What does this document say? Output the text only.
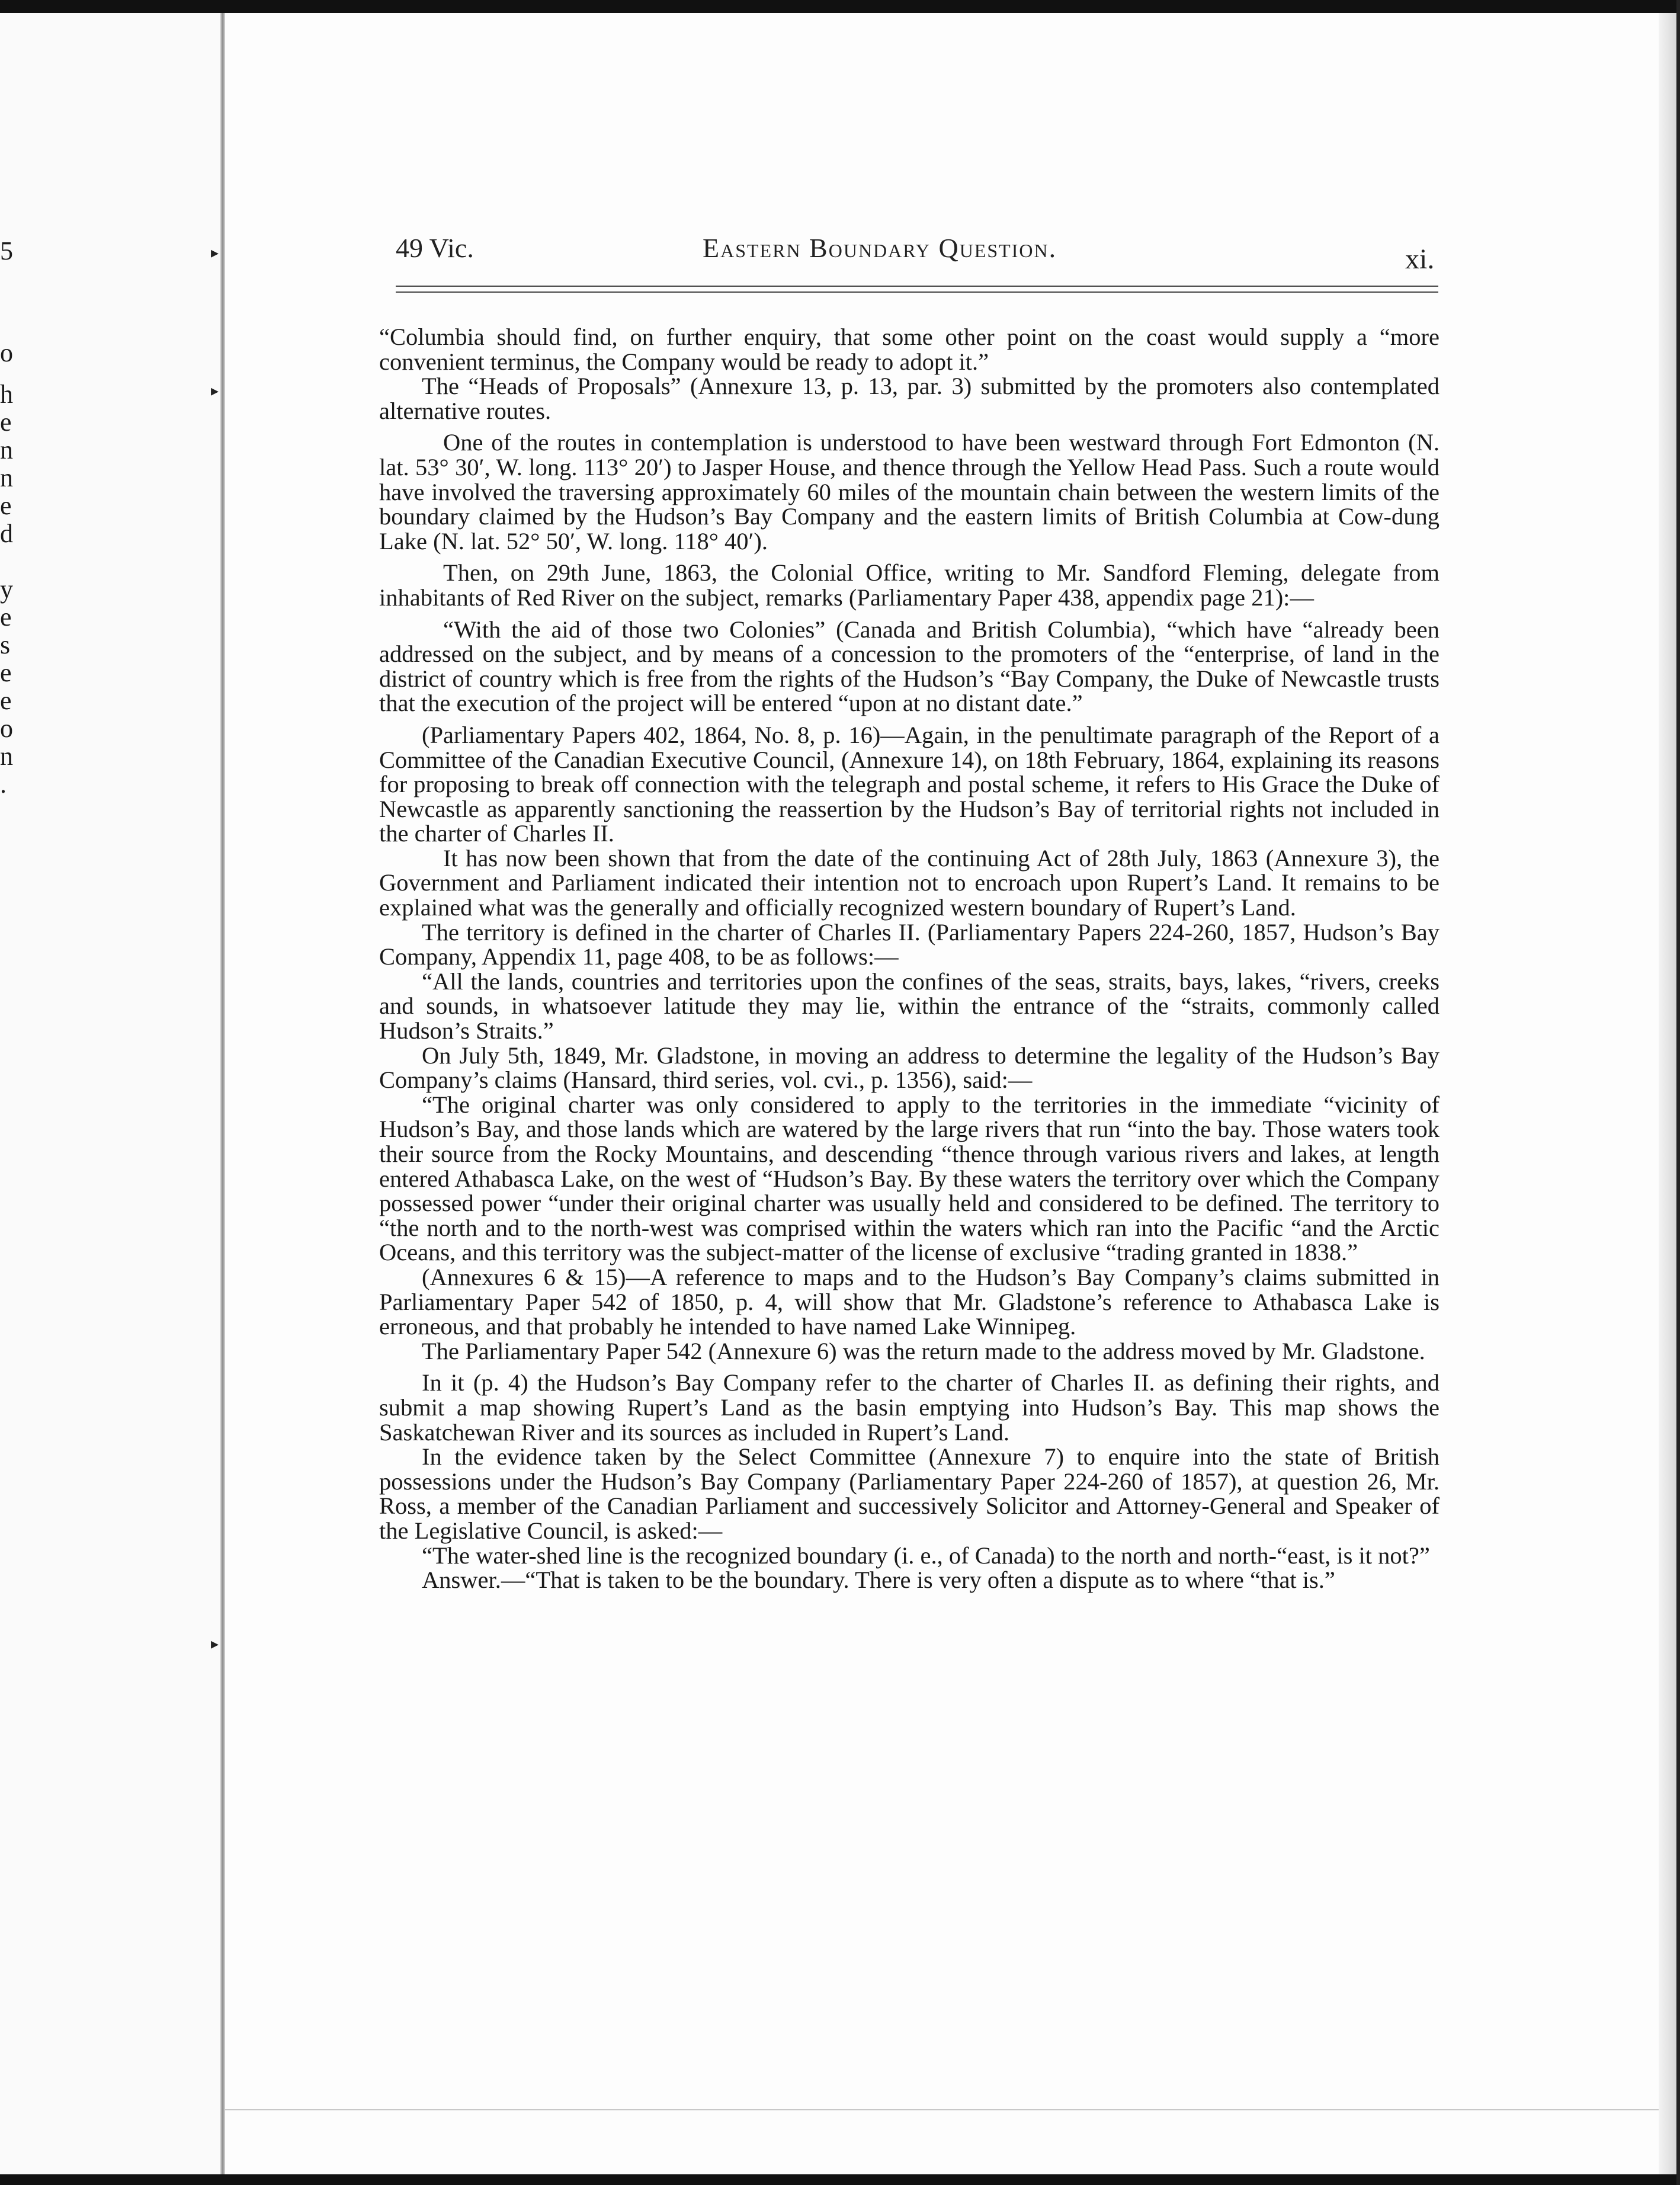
5
o
h
e
n
n
e
d
y
e
s
e
e
o
n
.
▸
▸
▸
49 Vic.	Eastern Boundary Question.	xi.

“Columbia should find, on further enquiry, that some other point on the coast would supply a “more convenient terminus, the Company would be ready to adopt it.”

The “Heads of Proposals” (Annexure 13, p. 13, par. 3) submitted by the promoters also contemplated alternative routes.

One of the routes in contemplation is understood to have been westward through Fort Edmonton (N. lat. 53° 30′, W. long. 113° 20′) to Jasper House, and thence through the Yellow Head Pass. Such a route would have involved the traversing approximately 60 miles of the mountain chain between the western limits of the boundary claimed by the Hudson’s Bay Company and the eastern limits of British Columbia at Cow-dung Lake (N. lat. 52° 50′, W. long. 118° 40′).

Then, on 29th June, 1863, the Colonial Office, writing to Mr. Sandford Fleming, delegate from inhabitants of Red River on the subject, remarks (Parliamentary Paper 438, appendix page 21):—

“With the aid of those two Colonies” (Canada and British Columbia), “which have “already been addressed on the subject, and by means of a concession to the promoters of the “enterprise, of land in the district of country which is free from the rights of the Hudson’s “Bay Company, the Duke of Newcastle trusts that the execution of the project will be entered “upon at no distant date.”

(Parliamentary Papers 402, 1864, No. 8, p. 16)—Again, in the penultimate paragraph of the Report of a Committee of the Canadian Executive Council, (Annexure 14), on 18th February, 1864, explaining its reasons for proposing to break off connection with the telegraph and postal scheme, it refers to His Grace the Duke of Newcastle as apparently sanctioning the reassertion by the Hudson’s Bay of territorial rights not included in the charter of Charles II.

It has now been shown that from the date of the continuing Act of 28th July, 1863 (Annexure 3), the Government and Parliament indicated their intention not to encroach upon Rupert’s Land. It remains to be explained what was the generally and officially recognized western boundary of Rupert’s Land.

The territory is defined in the charter of Charles II. (Parliamentary Papers 224-260, 1857, Hudson’s Bay Company, Appendix 11, page 408, to be as follows:—

“All the lands, countries and territories upon the confines of the seas, straits, bays, lakes, “rivers, creeks and sounds, in whatsoever latitude they may lie, within the entrance of the “straits, commonly called Hudson’s Straits.”

On July 5th, 1849, Mr. Gladstone, in moving an address to determine the legality of the Hudson’s Bay Company’s claims (Hansard, third series, vol. cvi., p. 1356), said:—

“The original charter was only considered to apply to the territories in the immediate “vicinity of Hudson’s Bay, and those lands which are watered by the large rivers that run “into the bay. Those waters took their source from the Rocky Mountains, and descending “thence through various rivers and lakes, at length entered Athabasca Lake, on the west of “Hudson’s Bay. By these waters the territory over which the Company possessed power “under their original charter was usually held and considered to be defined. The territory to “the north and to the north-west was comprised within the waters which ran into the Pacific “and the Arctic Oceans, and this territory was the subject-matter of the license of exclusive “trading granted in 1838.”

(Annexures 6 & 15)—A reference to maps and to the Hudson’s Bay Company’s claims submitted in Parliamentary Paper 542 of 1850, p. 4, will show that Mr. Gladstone’s reference to Athabasca Lake is erroneous, and that probably he intended to have named Lake Winnipeg.

The Parliamentary Paper 542 (Annexure 6) was the return made to the address moved by Mr. Gladstone.

In it (p. 4) the Hudson’s Bay Company refer to the charter of Charles II. as defining their rights, and submit a map showing Rupert’s Land as the basin emptying into Hudson’s Bay. This map shows the Saskatchewan River and its sources as included in Rupert’s Land.

In the evidence taken by the Select Committee (Annexure 7) to enquire into the state of British possessions under the Hudson’s Bay Company (Parliamentary Paper 224-260 of 1857), at question 26, Mr. Ross, a member of the Canadian Parliament and successively Solicitor and Attorney-General and Speaker of the Legislative Council, is asked:—

“The water-shed line is the recognized boundary (i. e., of Canada) to the north and north-“east, is it not?”

Answer.—“That is taken to be the boundary. There is very often a dispute as to where “that is.”
